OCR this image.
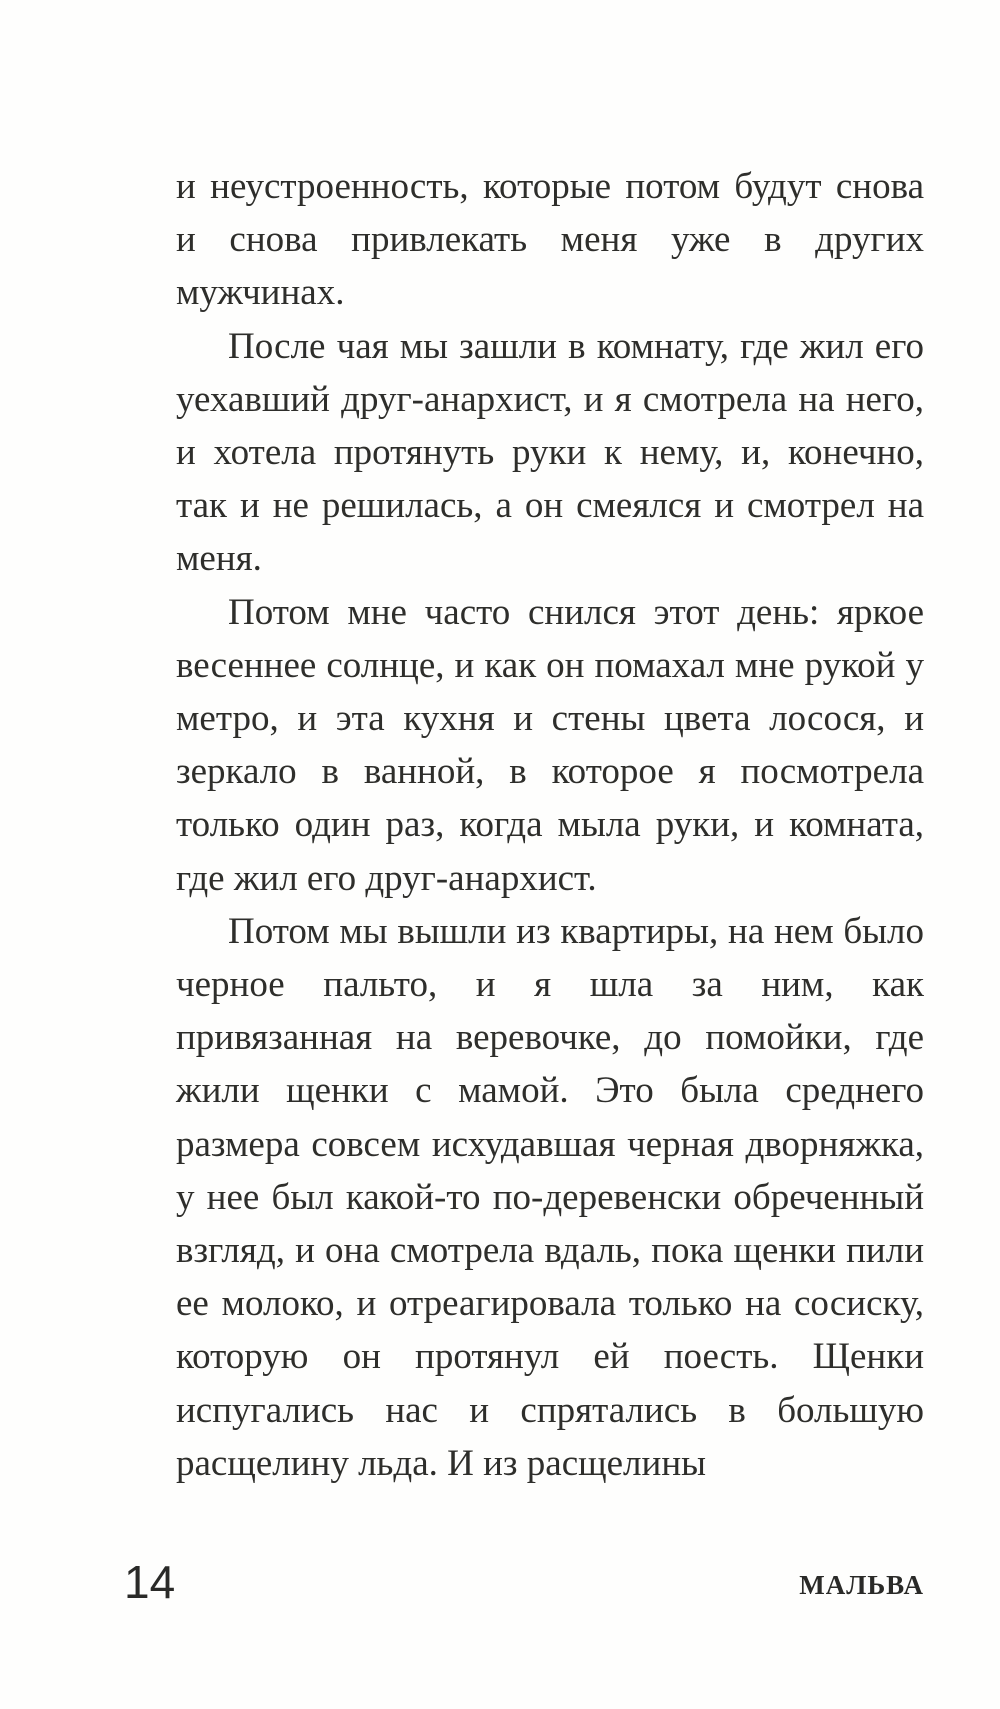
и неустроенность, которые потом будут снова и снова привлекать меня уже в других мужчинах.

После чая мы зашли в комнату, где жил его уехавший друг-анархист, и я смотрела на него, и хотела протянуть руки к нему, и, конечно, так и не решилась, а он смеялся и смотрел на меня.

Потом мне часто снился этот день: яркое весеннее солнце, и как он помахал мне рукой у метро, и эта кухня и стены цвета лосося, и зеркало в ванной, в которое я посмотрела только один раз, когда мыла руки, и комната, где жил его друг-анархист.

Потом мы вышли из квартиры, на нем было черное пальто, и я шла за ним, как привязанная на веревочке, до помойки, где жили щенки с мамой. Это была среднего размера совсем исхудавшая черная дворняжка, у нее был какой-то по-деревенски обреченный взгляд, и она смотрела вдаль, пока щенки пили ее молоко, и отреагировала только на сосиску, которую он протянул ей поесть. Щенки испугались нас и спрятались в большую расщелину льда. И из расщелины

14	МАЛЬВА
